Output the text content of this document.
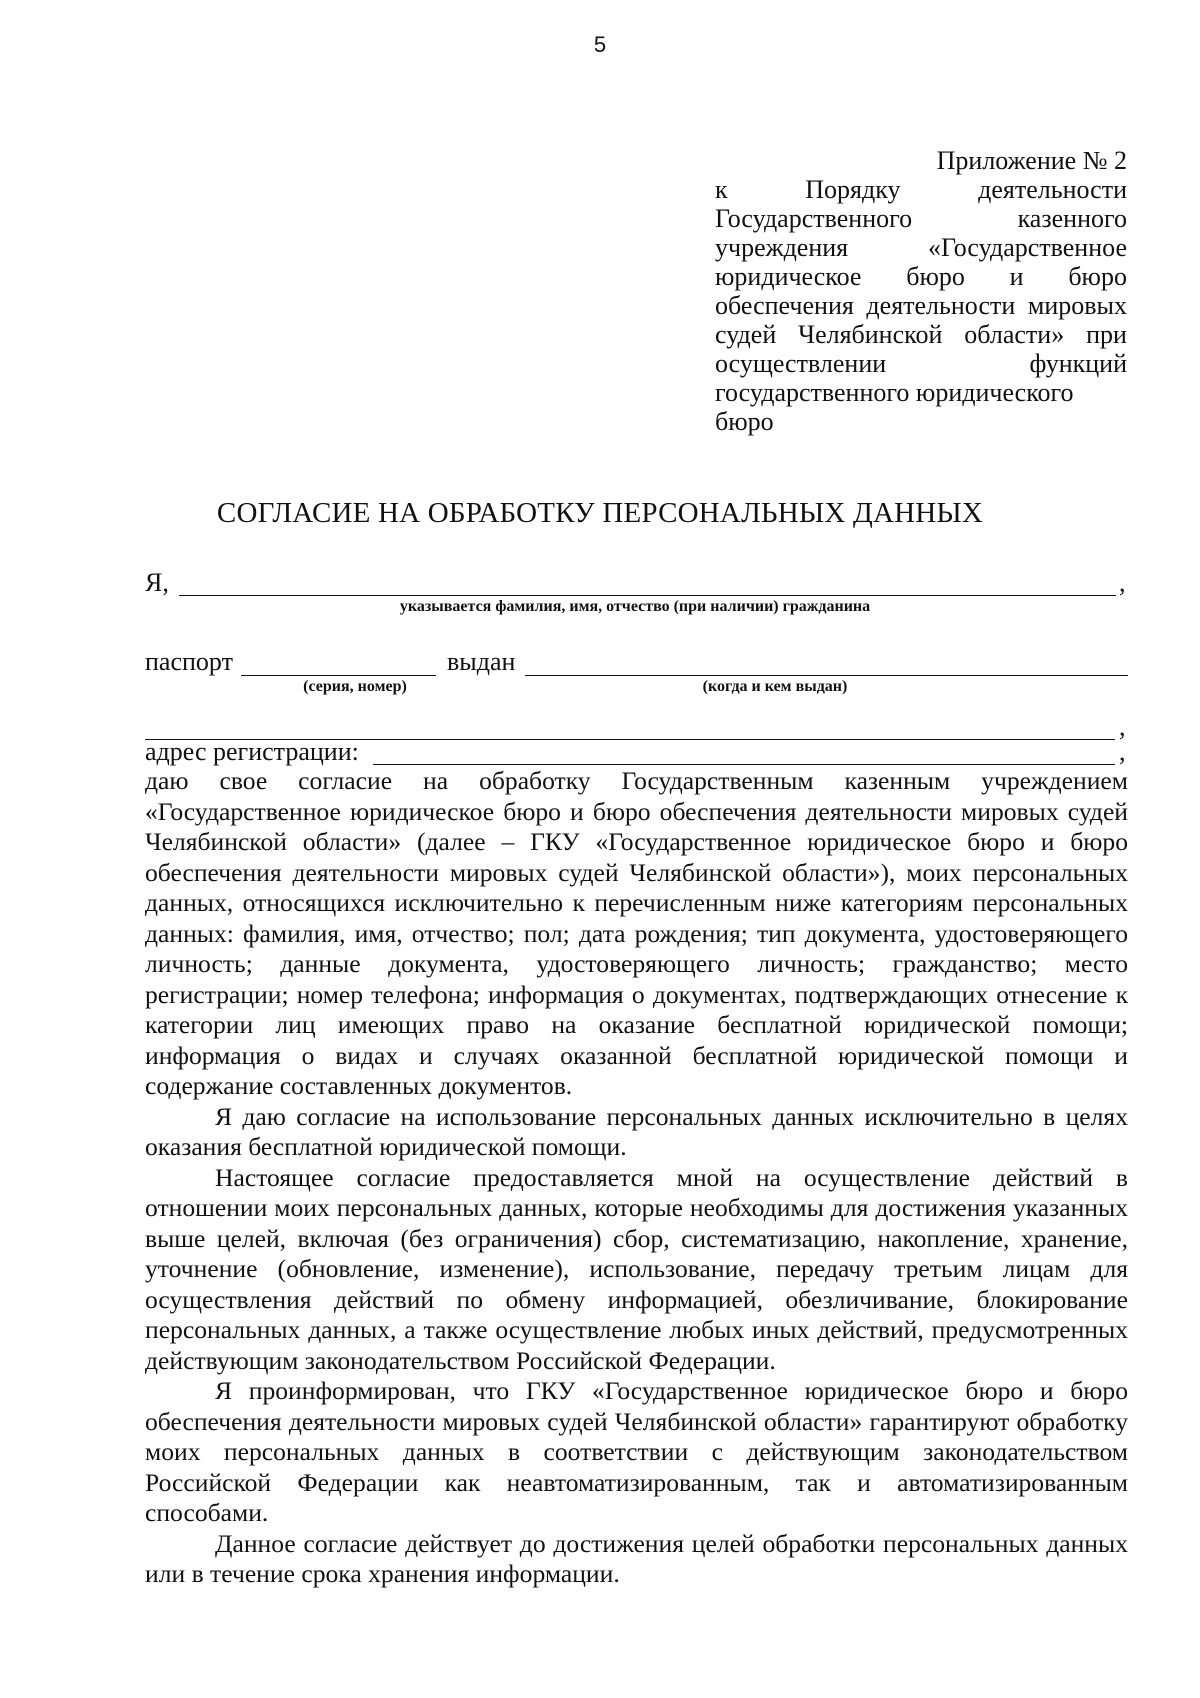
5
Приложение № 2
к	Порядку	деятельности
Государственного	казенного
учреждения	«Государственное
юридическое бюро и бюро
обеспечения деятельности мировых
судей Челябинской области» при
осуществлении	функций
государственного юридического бюро
СОГЛАСИЕ НА ОБРАБОТКУ ПЕРСОНАЛЬНЫХ ДАННЫХ
Я,	,
указывается фамилия, имя, отчество (при наличии) гражданина
паспорт	выдан
(серия, номер)	(когда и кем выдан)
,
адрес регистрации:	,

даю свое согласие на обработку Государственным казенным учреждением «Государственное юридическое бюро и бюро обеспечения деятельности мировых судей Челябинской области» (далее – ГКУ «Государственное юридическое бюро и бюро обеспечения деятельности мировых судей Челябинской области»), моих персональных данных, относящихся исключительно к перечисленным ниже категориям персональных данных: фамилия, имя, отчество; пол; дата рождения; тип документа, удостоверяющего личность; данные документа, удостоверяющего личность; гражданство; место регистрации; номер телефона; информация о документах, подтверждающих отнесение к категории лиц имеющих право на оказание бесплатной юридической помощи; информация о видах и случаях оказанной бесплатной юридической помощи и содержание составленных документов.

Я даю согласие на использование персональных данных исключительно в целях оказания бесплатной юридической помощи.

Настоящее согласие предоставляется мной на осуществление действий в отношении моих персональных данных, которые необходимы для достижения указанных выше целей, включая (без ограничения) сбор, систематизацию, накопление, хранение, уточнение (обновление, изменение), использование, передачу третьим лицам для осуществления действий по обмену информацией, обезличивание, блокирование персональных данных, а также осуществление любых иных действий, предусмотренных действующим законодательством Российской Федерации.

Я проинформирован, что ГКУ «Государственное юридическое бюро и бюро обеспечения деятельности мировых судей Челябинской области» гарантируют обработку моих персональных данных в соответствии с действующим законодательством Российской Федерации как неавтоматизированным, так и автоматизированным способами.

Данное согласие действует до достижения целей обработки персональных данных или в течение срока хранения информации.
